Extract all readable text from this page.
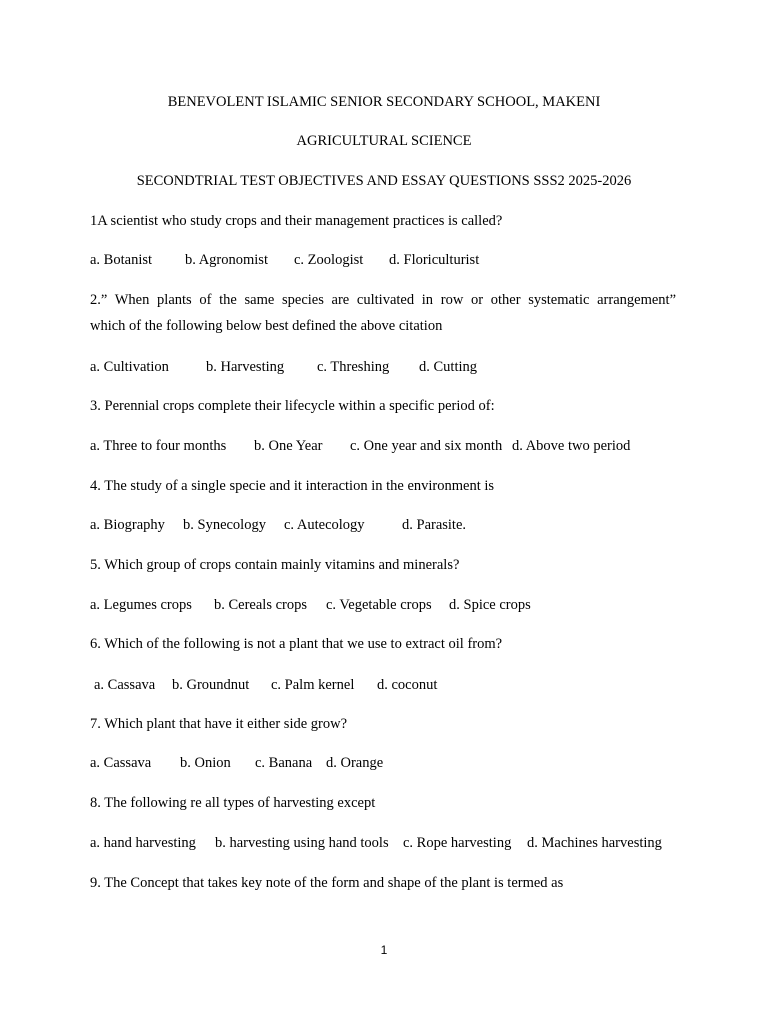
BENEVOLENT ISLAMIC SENIOR SECONDARY SCHOOL, MAKENI
AGRICULTURAL SCIENCE
SECONDTRIAL TEST OBJECTIVES AND ESSAY QUESTIONS SSS2 2025-2026
1A scientist who study crops and their management practices is called?
a. Botanist b. Agronomist c. Zoologist d. Floriculturist
2.” When plants of the same species are cultivated in row or other systematic arrangement”
which of the following below best defined the above citation
a. Cultivation	b. Harvesting c. Threshing d. Cutting
3. Perennial crops complete their lifecycle within a specific period of:
a. Three to four months b. One Year c. One year and six month d. Above two period
4. The study of a single specie and it interaction in the environment is
a. Biography b. Synecology c. Autecology	d. Parasite.
5. Which group of crops contain mainly vitamins and minerals?
a. Legumes crops b. Cereals crops c. Vegetable crops d. Spice crops
6. Which of the following is not a plant that we use to extract oil from?
a. Cassava b. Groundnut c. Palm kernel d. coconut
7. Which plant that have it either side grow?
a. Cassava b. Onion c. Banana d. Orange
8. The following re all types of harvesting except
a. hand harvesting b. harvesting using hand tools c. Rope harvesting d. Machines harvesting
9. The Concept that takes key note of the form and shape of the plant is termed as
1
